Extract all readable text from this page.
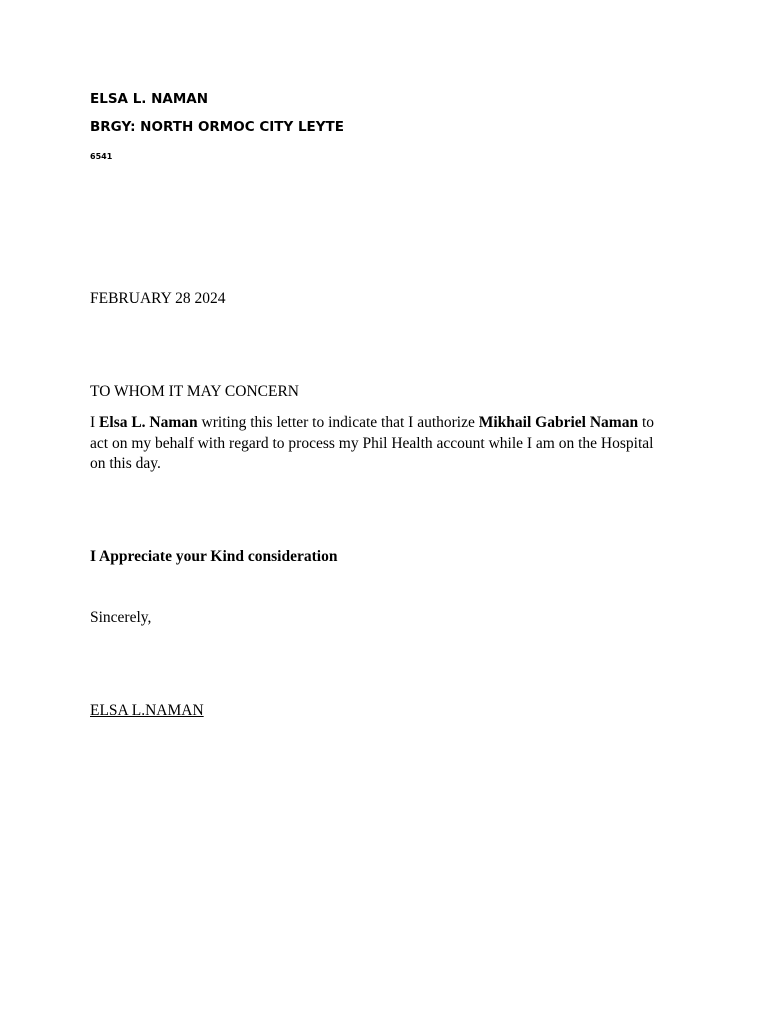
ELSA L. NAMAN
BRGY: NORTH ORMOC CITY LEYTE
6541
FEBRUARY 28 2024
TO WHOM IT MAY CONCERN
I Elsa L. Naman writing this letter to indicate that I authorize Mikhail Gabriel Naman to act on my behalf with regard to process my Phil Health account while I am on the Hospital on this day.
I Appreciate your Kind consideration
Sincerely,
ELSA L.NAMAN
